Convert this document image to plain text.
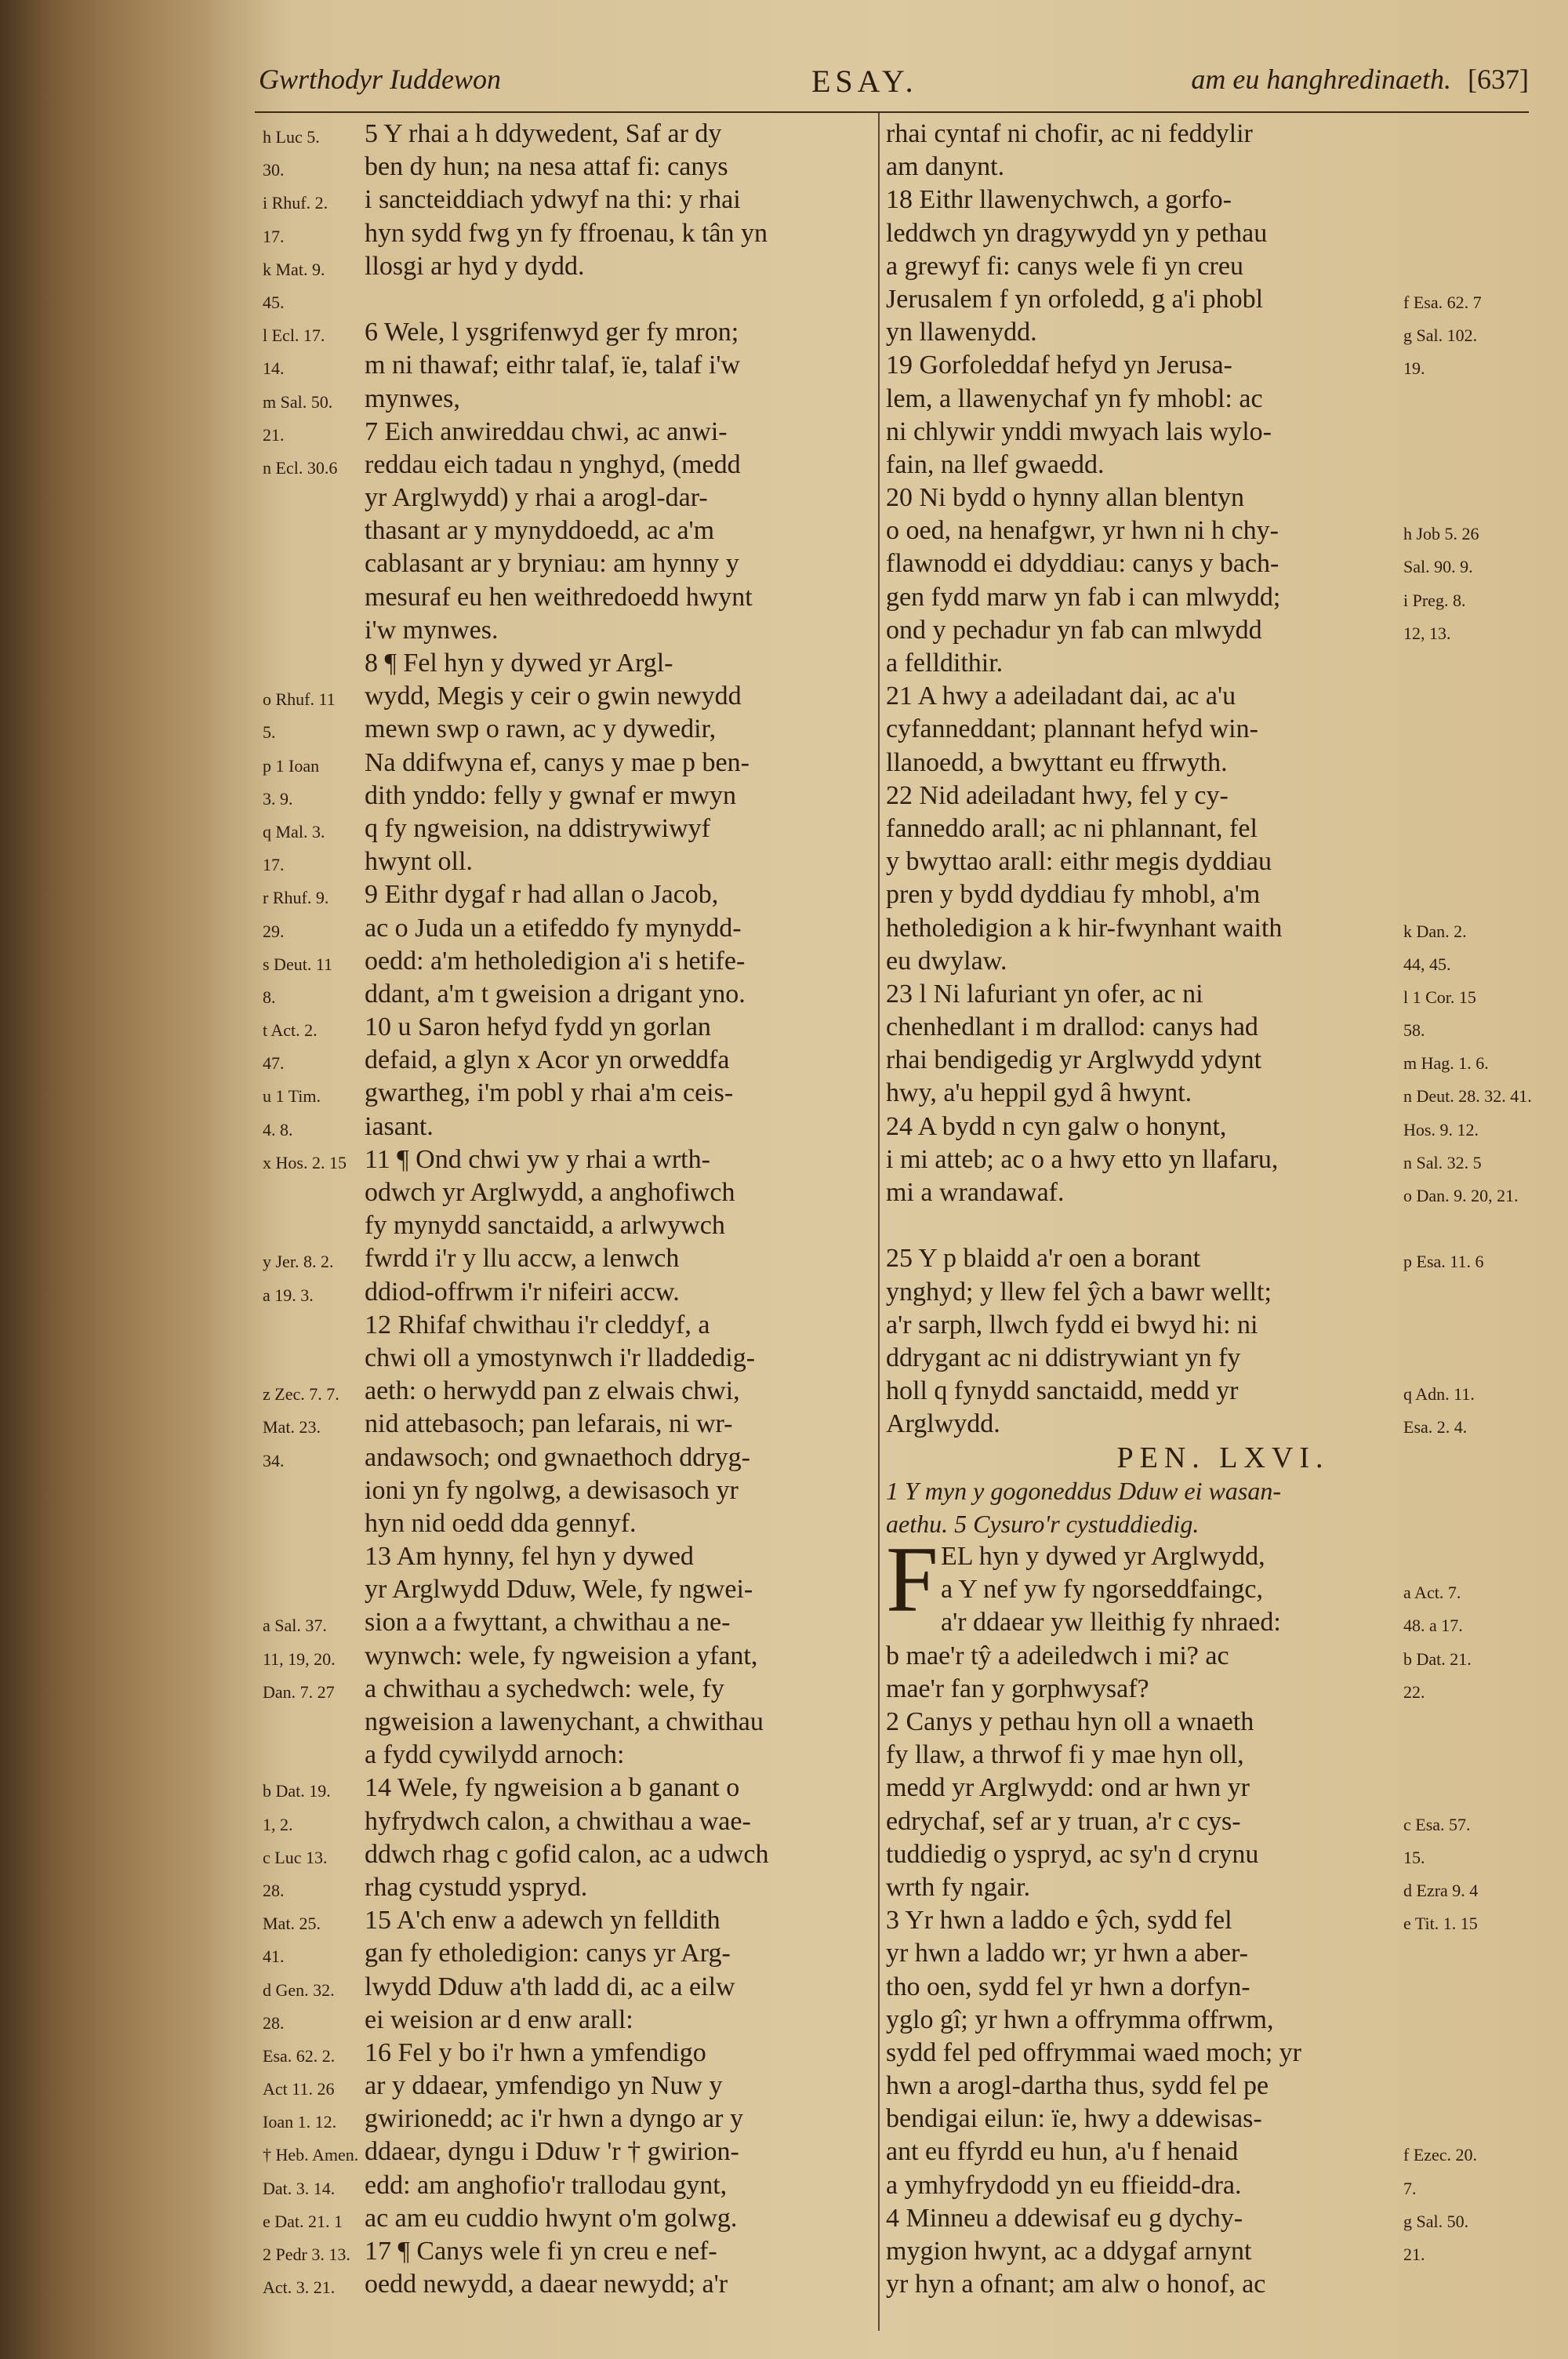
Gwrthodyr Iuddewon	ESAY.	am eu hanghredinaeth. [637]
5 Y rhai a h ddywedent, Saf ar dy
h Luc 5.
ben dy hun; na nesa attaf fi: canys
30.
i sancteiddiach ydwyf na thi: y rhai
i Rhuf. 2.
hyn sydd fwg yn fy ffroenau, k tân yn
17.
llosgi ar hyd y dydd.
k Mat. 9.
45.
6 Wele, l ysgrifenwyd ger fy mron;
l Ecl. 17.
m ni thawaf; eithr talaf, ïe, talaf i'w
14.
mynwes,
m Sal. 50.
7 Eich anwireddau chwi, ac anwi-
21.
reddau eich tadau n ynghyd, (medd
n Ecl. 30.6
yr Arglwydd) y rhai a arogl-dar-
thasant ar y mynyddoedd, ac a'm
cablasant ar y bryniau: am hynny y
mesuraf eu hen weithredoedd hwynt
i'w mynwes.
8 ¶ Fel hyn y dywed yr Argl-
wydd, Megis y ceir o gwin newydd
o Rhuf. 11
mewn swp o rawn, ac y dywedir,
5.
Na ddifwyna ef, canys y mae p ben-
p 1 Ioan
dith ynddo: felly y gwnaf er mwyn
3. 9.
q fy ngweision, na ddistrywiwyf
q Mal. 3.
hwynt oll.
17.
9 Eithr dygaf r had allan o Jacob,
r Rhuf. 9.
ac o Juda un a etifeddo fy mynydd-
29.
oedd: a'm hetholedigion a'i s hetife-
s Deut. 11
ddant, a'm t gweision a drigant yno.
8.
10 u Saron hefyd fydd yn gorlan
t Act. 2.
defaid, a glyn x Acor yn orweddfa
47.
gwartheg, i'm pobl y rhai a'm ceis-
u 1 Tim.
iasant.
4. 8.
11 ¶ Ond chwi yw y rhai a wrth-
x Hos. 2. 15
odwch yr Arglwydd, a anghofiwch
fy mynydd sanctaidd, a arlwywch
fwrdd i'r y llu accw, a lenwch
y Jer. 8. 2.
ddiod-offrwm i'r nifeiri accw.
a 19. 3.
12 Rhifaf chwithau i'r cleddyf, a
chwi oll a ymostynwch i'r lladdedig-
aeth: o herwydd pan z elwais chwi,
z Zec. 7. 7.
nid attebasoch; pan lefarais, ni wr-
Mat. 23.
andawsoch; ond gwnaethoch ddryg-
34.
ioni yn fy ngolwg, a dewisasoch yr
hyn nid oedd dda gennyf.
13 Am hynny, fel hyn y dywed
yr Arglwydd Dduw, Wele, fy ngwei-
sion a a fwyttant, a chwithau a ne-
a Sal. 37.
wynwch: wele, fy ngweision a yfant,
11, 19, 20.
a chwithau a sychedwch: wele, fy
Dan. 7. 27
ngweision a lawenychant, a chwithau
a fydd cywilydd arnoch:
14 Wele, fy ngweision a b ganant o
b Dat. 19.
hyfrydwch calon, a chwithau a wae-
1, 2.
ddwch rhag c gofid calon, ac a udwch
c Luc 13.
rhag cystudd yspryd.
28.
15 A'ch enw a adewch yn felldith
Mat. 25.
gan fy etholedigion: canys yr Arg-
41.
lwydd Dduw a'th ladd di, ac a eilw
d Gen. 32.
ei weision ar d enw arall:
28.
16 Fel y bo i'r hwn a ymfendigo
Esa. 62. 2.
ar y ddaear, ymfendigo yn Nuw y
Act 11. 26
gwirionedd; ac i'r hwn a dyngo ar y
Ioan 1. 12.
ddaear, dyngu i Dduw 'r † gwirion-
† Heb. Amen.
edd: am anghofio'r trallodau gynt,
Dat. 3. 14.
ac am eu cuddio hwynt o'm golwg.
e Dat. 21. 1
17 ¶ Canys wele fi yn creu e nef-
2 Pedr 3. 13.
oedd newydd, a daear newydd; a'r
Act. 3. 21.
rhai cyntaf ni chofir, ac ni feddylir
am danynt.
18 Eithr llawenychwch, a gorfo-
leddwch yn dragywydd yn y pethau
a grewyf fi: canys wele fi yn creu
Jerusalem f yn orfoledd, g a'i phobl	f Esa. 62. 7
yn llawenydd.	g Sal. 102.
19 Gorfoleddaf hefyd yn Jerusa-	19.
lem, a llawenychaf yn fy mhobl: ac
ni chlywir ynddi mwyach lais wylo-
fain, na llef gwaedd.
20 Ni bydd o hynny allan blentyn
o oed, na henafgwr, yr hwn ni h chy-	h Job 5. 26
flawnodd ei ddyddiau: canys y bach-	Sal. 90. 9.
gen fydd marw yn fab i can mlwydd;	i Preg. 8.
ond y pechadur yn fab can mlwydd	12, 13.
a felldithir.
21 A hwy a adeiladant dai, ac a'u
cyfanneddant; plannant hefyd win-
llanoedd, a bwyttant eu ffrwyth.
22 Nid adeiladant hwy, fel y cy-
fanneddo arall; ac ni phlannant, fel
y bwyttao arall: eithr megis dyddiau
pren y bydd dyddiau fy mhobl, a'm
hetholedigion a k hir-fwynhant waith	k Dan. 2.
eu dwylaw.	44, 45.
23 l Ni lafuriant yn ofer, ac ni	l 1 Cor. 15
chenhedlant i m drallod: canys had	58.
rhai bendigedig yr Arglwydd ydynt	m Hag. 1. 6.
hwy, a'u heppil gyd â hwynt.	n Deut. 28. 32. 41.
24 A bydd n cyn galw o honynt,	Hos. 9. 12.
i mi atteb; ac o a hwy etto yn llafaru,	n Sal. 32. 5
mi a wrandawaf.	o Dan. 9. 20, 21.
25 Y p blaidd a'r oen a borant	p Esa. 11. 6
ynghyd; y llew fel ŷch a bawr wellt;
a'r sarph, llwch fydd ei bwyd hi: ni
ddrygant ac ni ddistrywiant yn fy
holl q fynydd sanctaidd, medd yr	q Adn. 11.
Arglwydd.	Esa. 2. 4.
PEN. LXVI.
1 Y myn y gogoneddus Dduw ei wasan-
aethu. 5 Cysuro'r cystuddiedig.
F EL hyn y dywed yr Arglwydd,
a Y nef yw fy ngorseddfaingc,	a Act. 7.
a'r ddaear yw lleithig fy nhraed:	48. a 17.
b mae'r tŷ a adeiledwch i mi? ac	b Dat. 21.
mae'r fan y gorphwysaf?	22.
2 Canys y pethau hyn oll a wnaeth
fy llaw, a thrwof fi y mae hyn oll,
medd yr Arglwydd: ond ar hwn yr
edrychaf, sef ar y truan, a'r c cys-	c Esa. 57.
tuddiedig o yspryd, ac sy'n d crynu	15.
wrth fy ngair.	d Ezra 9. 4
3 Yr hwn a laddo e ŷch, sydd fel	e Tit. 1. 15
yr hwn a laddo wr; yr hwn a aber-
tho oen, sydd fel yr hwn a dorfyn-
yglo gî; yr hwn a offrymma offrwm,
sydd fel ped offrymmai waed moch; yr
hwn a arogl-dartha thus, sydd fel pe
bendigai eilun: ïe, hwy a ddewisas-
ant eu ffyrdd eu hun, a'u f henaid	f Ezec. 20.
a ymhyfrydodd yn eu ffieidd-dra.	7.
4 Minneu a ddewisaf eu g dychy-	g Sal. 50.
mygion hwynt, ac a ddygaf arnynt	21.
yr hyn a ofnant; am alw o honof, ac
